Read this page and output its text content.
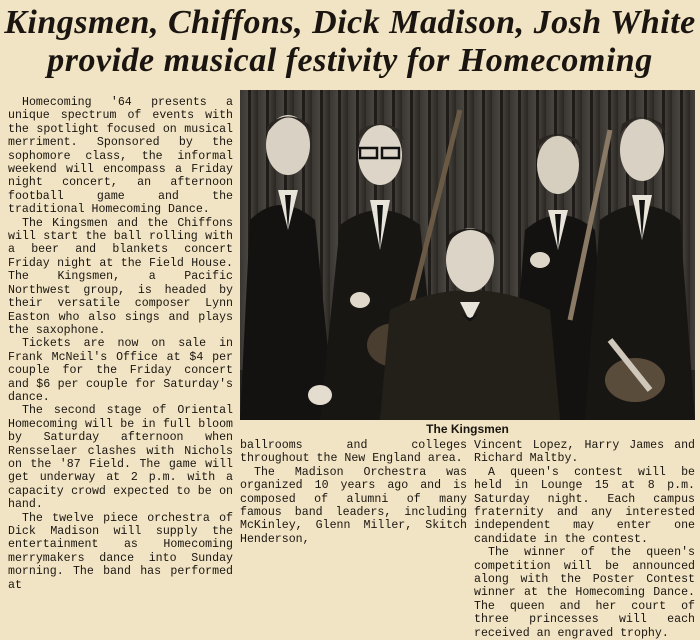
Kingsmen, Chiffons, Dick Madison, Josh White
provide musical festivity for Homecoming

Homecoming '64 presents a unique spectrum of events with the spotlight focused on musical merriment. Sponsored by the sophomore class, the informal weekend will encompass a Friday night concert, an afternoon football game and the traditional Homecoming Dance.

The Kingsmen and the Chiffons will start the ball rolling with a beer and blankets concert Friday night at the Field House. The Kingsmen, a Pacific Northwest group, is headed by their versatile composer Lynn Easton who also sings and plays the saxophone.

Tickets are now on sale in Frank McNeil's Office at $4 per couple for the Friday concert and $6 per couple for Saturday's dance.

The second stage of Oriental Homecoming will be in full bloom by Saturday afternoon when Rensselaer clashes with Nichols on the '87 Field. The game will get underway at 2 p.m. with a capacity crowd expected to be on hand.

The twelve piece orchestra of Dick Madison will supply the entertainment as Homecoming merrymakers dance into Sunday morning. The band has performed at

The Kingsmen

ballrooms and colleges throughout the New England area.

The Madison Orchestra was organized 10 years ago and is composed of alumni of many famous band leaders, including McKinley, Glenn Miller, Skitch Henderson,

Vincent Lopez, Harry James and Richard Maltby.

A queen's contest will be held in Lounge 15 at 8 p.m. Saturday night. Each campus fraternity and any interested independent may enter one candidate in the contest.

The winner of the queen's competition will be announced along with the Poster Contest winner at the Homecoming Dance. The queen and her court of three princesses will each received an engraved trophy.
